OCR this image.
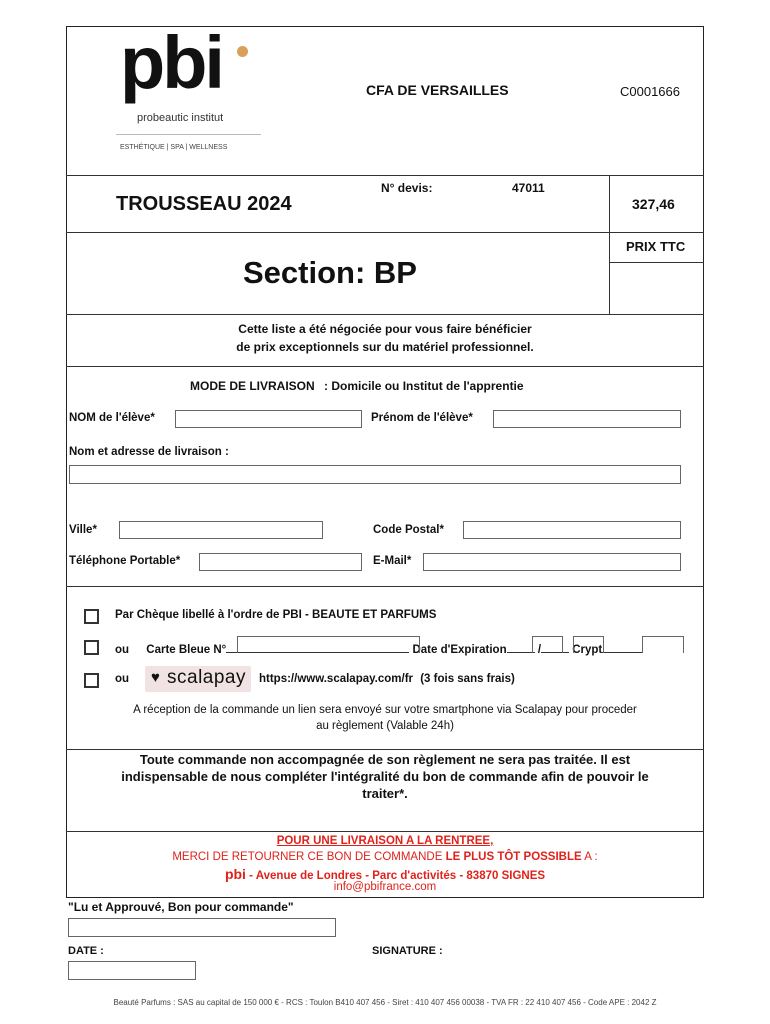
pbi
probeautic institut
ESTHÉTIQUE | SPA | WELLNESS
CFA DE VERSAILLES	C0001666
TROUSSEAU 2024
N° devis:	47011
327,46
PRIX TTC
Section: BP
Cette liste a été négociée pour vous faire bénéficier
de prix exceptionnels sur du matériel professionnel.
MODE DE LIVRAISON : Domicile ou Institut de l'apprentie
NOM de l'élève*	Prénom de l'élève*
Nom et adresse de livraison :
Ville*	Code Postal*
Téléphone Portable*	E-Mail*
Par Chèque libellé à l'ordre de PBI - BEAUTE ET PARFUMS
ou Carte Bleue N°	Date d'Expiration	/	Crypt
ou ♥ scalapay https://www.scalapay.com/fr (3 fois sans frais)
A réception de la commande un lien sera envoyé sur votre smartphone via Scalapay pour proceder
au règlement (Valable 24h)
Toute commande non accompagnée de son règlement ne sera pas traitée. Il est
indispensable de nous compléter l'intégralité du bon de commande afin de pouvoir le
traiter*.
POUR UNE LIVRAISON A LA RENTREE,
MERCI DE RETOURNER CE BON DE COMMANDE LE PLUS TÔT POSSIBLE A :
pbi - Avenue de Londres - Parc d'activités - 83870 SIGNES
info@pbifrance.com
"Lu et Approuvé, Bon pour commande"
DATE :	SIGNATURE :
Beauté Parfums : SAS au capital de 150 000 € - RCS : Toulon B410 407 456 - Siret : 410 407 456 00038 - TVA FR : 22 410 407 456 - Code APE : 2042 Z
